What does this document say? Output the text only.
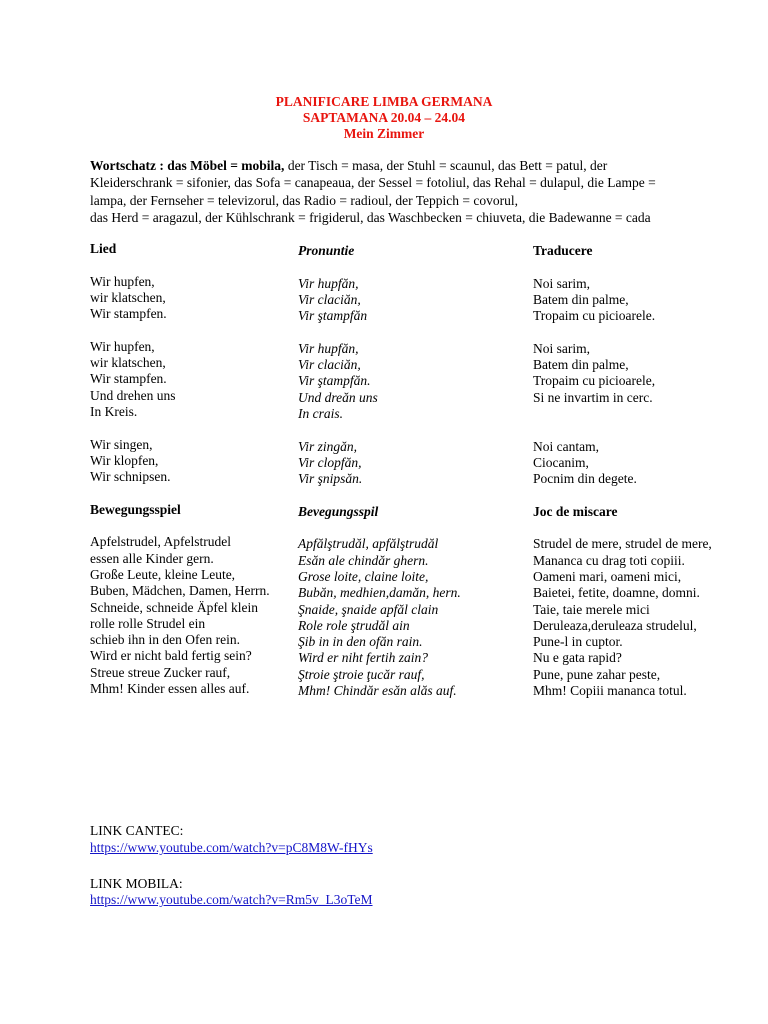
PLANIFICARE LIMBA GERMANA
SAPTAMANA 20.04 – 24.04
Mein Zimmer
Wortschatz : das Möbel = mobila, der Tisch = masa, der Stuhl = scaunul, das Bett = patul, der
Kleiderschrank = sifonier, das Sofa = canapeaua, der Sessel = fotoliul, das Rehal = dulapul, die Lampe =
lampa, der Fernseher = televizorul, das Radio = radioul, der Teppich = covorul,
das Herd = aragazul, der Kühlschrank = frigiderul, das Waschbecken = chiuveta, die Badewanne = cada
Lied
Wir hupfen,
wir klatschen,
Wir stampfen.
Wir hupfen,
wir klatschen,
Wir stampfen.
Und drehen uns
In Kreis.
Wir singen,
Wir klopfen,
Wir schnipsen.
Bewegungsspiel
Apfelstrudel, Apfelstrudel
essen alle Kinder gern.
Große Leute, kleine Leute,
Buben, Mädchen, Damen, Herrn.
Schneide, schneide Äpfel klein
rolle rolle Strudel ein
schieb ihn in den Ofen rein.
Wird er nicht bald fertig sein?
Streue streue Zucker rauf,
Mhm! Kinder essen alles auf.
Pronuntie
Vir hupfăn,
Vir claciăn,
Vir ştampfăn
Vir hupfăn,
Vir claciăn,
Vir ştampfăn.
Und dreăn uns
In crais.
Vir zingăn,
Vir clopfăn,
Vir şnipsăn.
Bevegungsspil
Apfălştrudăl, apfălştrudăl
Esăn ale chindăr ghern.
Grose loite, claine loite,
Bubăn, medhien,damăn, hern.
Şnaide, şnaide apfăl clain
Role role ştrudăl ain
Şib in in den ofăn rain.
Wird er niht fertih zain?
Ştroie ştroie ţucăr rauf,
Mhm! Chindăr esăn alăs auf.
Traducere
Noi sarim,
Batem din palme,
Tropaim cu picioarele.
Noi sarim,
Batem din palme,
Tropaim cu picioarele,
Si ne invartim in cerc.
Noi cantam,
Ciocanim,
Pocnim din degete.
Joc de miscare
Strudel de mere, strudel de mere,
Mananca cu drag toti copiii.
Oameni mari, oameni mici,
Baietei, fetite, doamne, domni.
Taie, taie merele mici
Deruleaza,deruleaza strudelul,
Pune-l in cuptor.
Nu e gata rapid?
Pune, pune zahar peste,
Mhm! Copiii mananca totul.
LINK CANTEC:
https://www.youtube.com/watch?v=pC8M8W-fHYs
LINK MOBILA:
https://www.youtube.com/watch?v=Rm5v_L3oTeM
